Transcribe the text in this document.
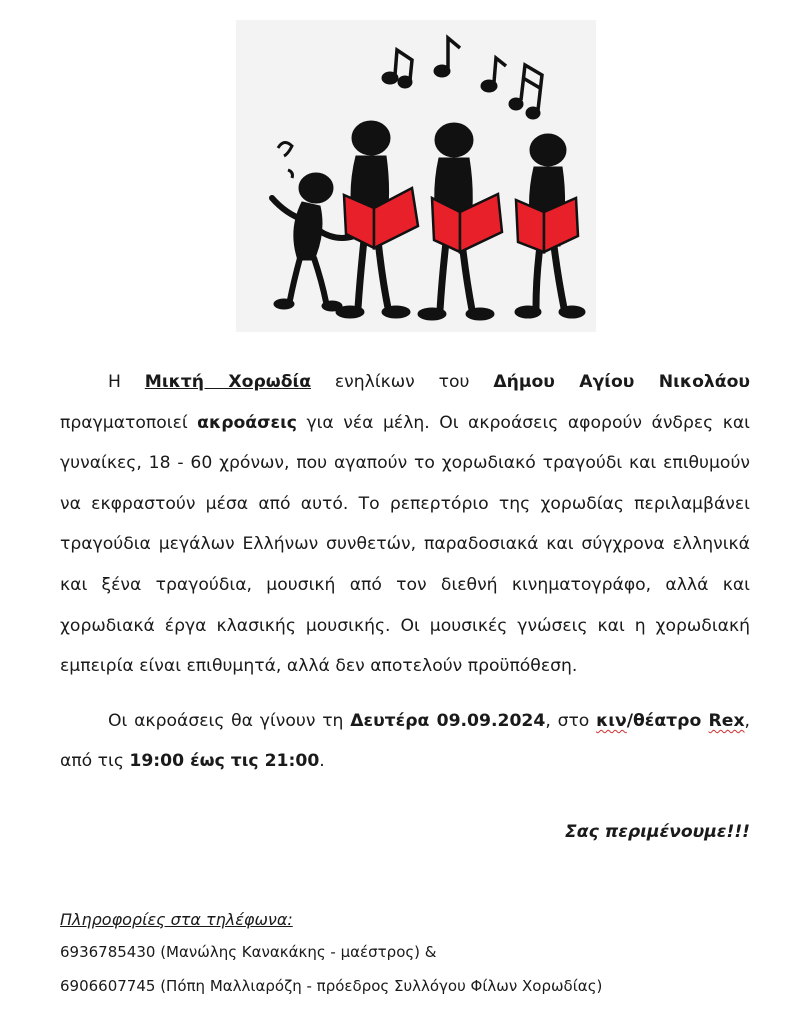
Η Μικτή Χορωδία ενηλίκων του Δήμου Αγίου Νικολάου πραγματοποιεί ακροάσεις για νέα μέλη. Οι ακροάσεις αφορούν άνδρες και γυναίκες, 18 - 60 χρόνων, που αγαπούν το χορωδιακό τραγούδι και επιθυμούν να εκφραστούν μέσα από αυτό. Το ρεπερτόριο της χορωδίας περιλαμβάνει τραγούδια μεγάλων Ελλήνων συνθετών, παραδοσιακά και σύγχρονα ελληνικά και ξένα τραγούδια, μουσική από τον διεθνή κινηματογράφο, αλλά και χορωδιακά έργα κλασικής μουσικής. Οι μουσικές γνώσεις και η χορωδιακή εμπειρία είναι επιθυμητά, αλλά δεν αποτελούν προϋπόθεση.

Οι ακροάσεις θα γίνουν τη Δευτέρα 09.09.2024, στο κιν/θέατρο Rex, από τις 19:00 έως τις 21:00.

Σας περιμένουμε!!!
Πληροφορίες στα τηλέφωνα:
6936785430 (Μανώλης Κανακάκης - μαέστρος) &
6906607745 (Πόπη Μαλλιαρόζη - πρόεδρος Συλλόγου Φίλων Χορωδίας)
